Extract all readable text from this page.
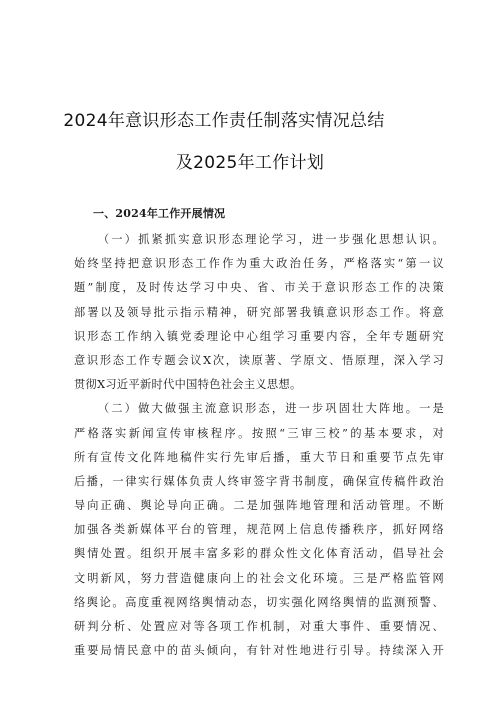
2024年意识形态工作责任制落实情况总结
及2025年工作计划
一、2024年工作开展情况
（一）抓紧抓实意识形态理论学习，进一步强化思想认识。
始终坚持把意识形态工作作为重大政治任务，严格落实“第一议
题”制度，及时传达学习中央、省、市关于意识形态工作的决策
部署以及领导批示指示精神，研究部署我镇意识形态工作。将意
识形态工作纳入镇党委理论中心组学习重要内容，全年专题研究
意识形态工作专题会议X次，读原著、学原文、悟原理，深入学习
贯彻X习近平新时代中国特色社会主义思想。
（二）做大做强主流意识形态，进一步巩固壮大阵地。一是
严格落实新闻宣传审核程序。按照“三审三校”的基本要求，对
所有宣传文化阵地稿件实行先审后播，重大节日和重要节点先审
后播，一律实行媒体负责人终审签字背书制度，确保宣传稿件政治
导向正确、舆论导向正确。二是加强阵地管理和活动管理。不断
加强各类新媒体平台的管理，规范网上信息传播秩序，抓好网络
舆情处置。组织开展丰富多彩的群众性文化体育活动，倡导社会
文明新风，努力营造健康向上的社会文化环境。三是严格监管网
络舆论。高度重视网络舆情动态，切实强化网络舆情的监测预警、
研判分析、处置应对等各项工作机制，对重大事件、重要情况、
重要局情民意中的苗头倾向，有针对性地进行引导。持续深入开
